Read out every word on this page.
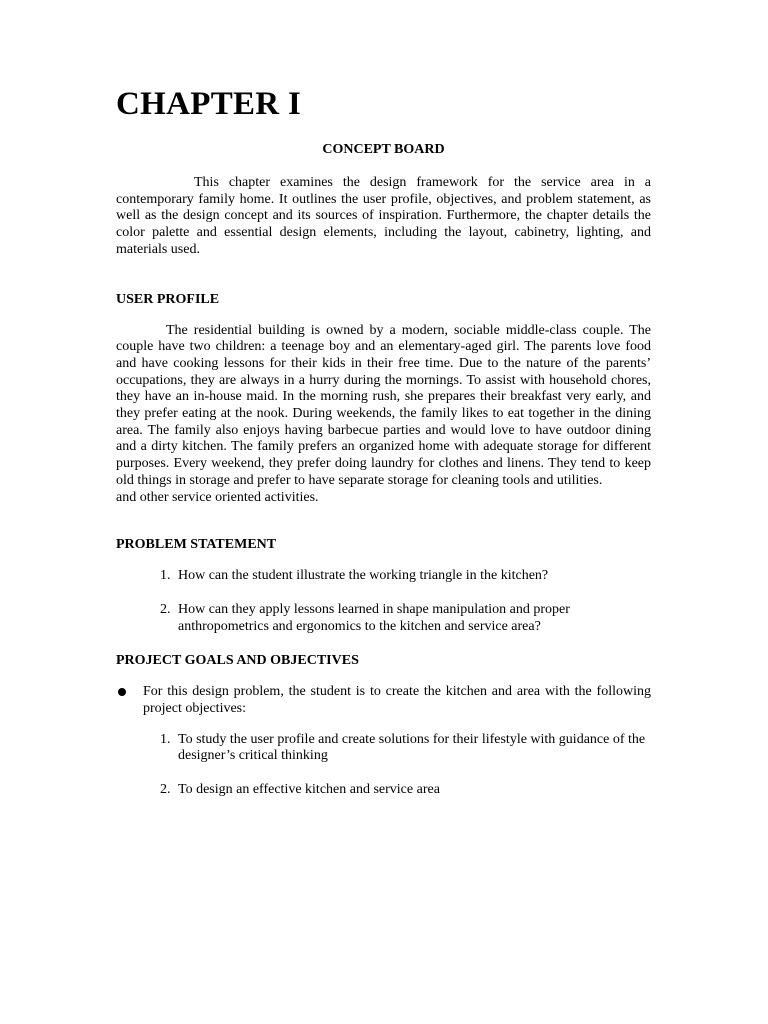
CHAPTER I
CONCEPT BOARD

This chapter examines the design framework for the service area in a contemporary family home. It outlines the user profile, objectives, and problem statement, as well as the design concept and its sources of inspiration. Furthermore, the chapter details the color palette and essential design elements, including the layout, cabinetry, lighting, and materials used.

USER PROFILE
The residential building is owned by a modern, sociable middle-class couple. The couple have two children: a teenage boy and an elementary-aged girl. The parents love food and have cooking lessons for their kids in their free time. Due to the nature of the parents’ occupations, they are always in a hurry during the mornings. To assist with household chores, they have an in-house maid. In the morning rush, she prepares their breakfast very early, and they prefer eating at the nook. During weekends, the family likes to eat together in the dining area. The family also enjoys having barbecue parties and would love to have outdoor dining and a dirty kitchen. The family prefers an organized home with adequate storage for different purposes. Every weekend, they prefer doing laundry for clothes and linens. They tend to keep old things in storage and prefer to have separate storage for cleaning tools and utilities.
and other service oriented activities.
PROBLEM STATEMENT
1. How can the student illustrate the working triangle in the kitchen?
2. How can they apply lessons learned in shape manipulation and proper anthropometrics and ergonomics to the kitchen and service area?
PROJECT GOALS AND OBJECTIVES
For this design problem, the student is to create the kitchen and area with the following project objectives:
1. To study the user profile and create solutions for their lifestyle with guidance of the designer’s critical thinking
2. To design an effective kitchen and service area
